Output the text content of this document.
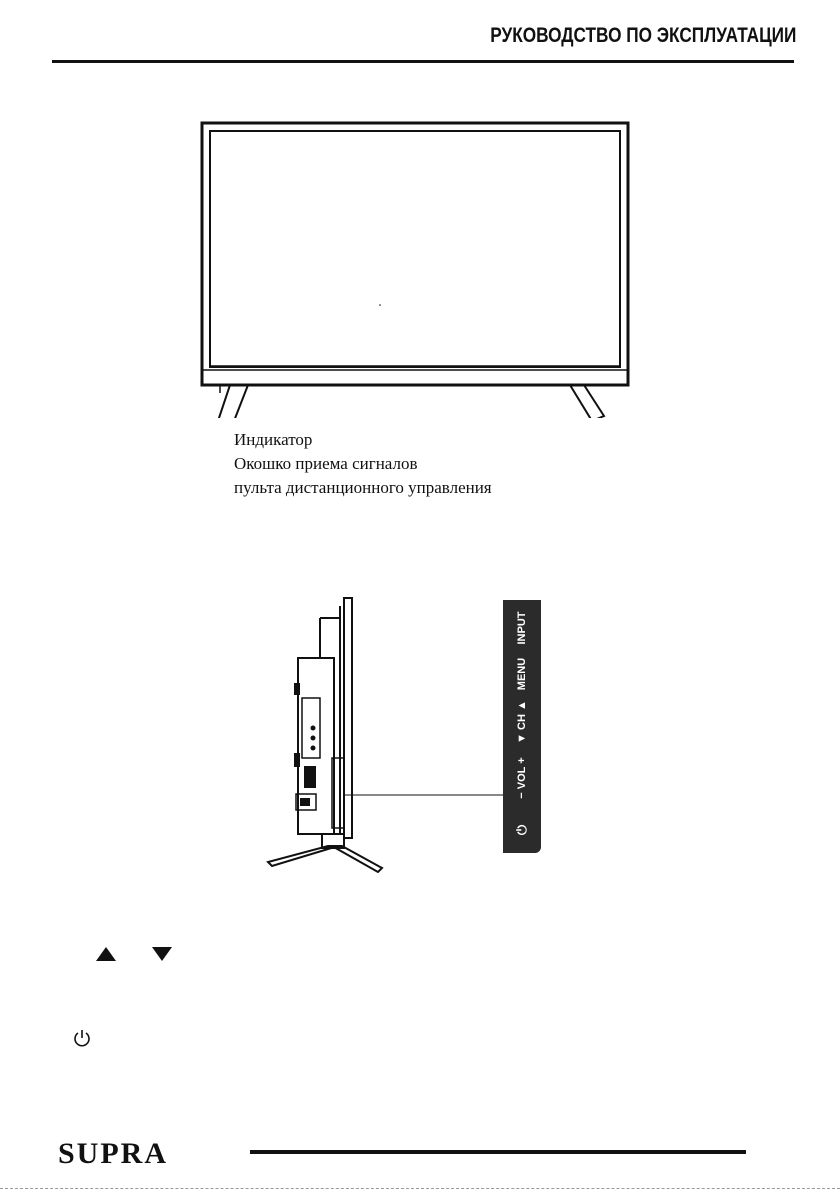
РУКОВОДСТВО ПО ЭКСПЛУАТАЦИИ
Индикатор
Окошко приема сигналов
пульта дистанционного управления
INPUT
MENU
▼ CH ▲
− VOL +
⏻
SUPRA
